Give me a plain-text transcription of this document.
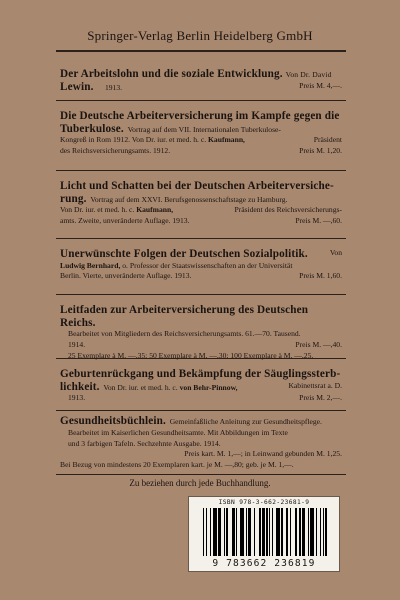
Springer-Verlag Berlin Heidelberg GmbH
Der Arbeitslohn und die soziale Entwicklung. Von Dr. David
Lewin. 1913.	Preis M. 4,—.
Die Deutsche Arbeiterversicherung im Kampfe gegen die
Tuberkulose. Vortrag auf dem VII. Internationalen Tuberkulose-
Kongreß in Rom 1912. Von Dr. iur. et med. h. c. Kaufmann,	Präsident
des Reichsversicherungsamts. 1912.	Preis M. 1,20.
Licht und Schatten bei der Deutschen Arbeiterversiche-
rung. Vortrag auf dem XXVI. Berufsgenossenschaftstage zu Hamburg.
Von Dr. iur. et med. h. c. Kaufmann,	Präsident des Reichsversicherungs-
amts. Zweite, unveränderte Auflage. 1913.	Preis M. —,60.
Unerwünschte Folgen der Deutschen Sozialpolitik.	Von
Ludwig Bernhard, o. Professor der Staatswissenschaften an der Universität
Berlin. Vierte, unveränderte Auflage. 1913.	Preis M. 1,60.
Leitfaden zur Arbeiterversicherung des Deutschen Reichs.
Bearbeitet von Mitgliedern des Reichsversicherungsamts. 61.—70. Tausend.
1914.	Preis M. —,40.
25 Exemplare à M. —,35; 50 Exemplare à M. —,30; 100 Exemplare à M. —,25.
Geburtenrückgang und Bekämpfung der Säuglingssterb-
lichkeit. Von Dr. iur. et med. h. c. von Behr-Pinnow,	Kabinettsrat a. D.
1913.	Preis M. 2,—.
Gesundheitsbüchlein. Gemeinfaßliche Anleitung zur Gesundheitspflege.
Bearbeitet im Kaiserlichen Gesundheitsamte. Mit Abbildungen im Texte
und 3 farbigen Tafeln. Sechzehnte Ausgabe. 1914.
Preis kart. M. 1,—; in Leinwand gebunden M. 1,25.
Bei Bezug von mindestens 20 Exemplaren kart. je M. —,80; geb. je M. 1,—.
Zu beziehen durch jede Buchhandlung.
ISBN 978-3-662-23681-9
9 783662 236819
